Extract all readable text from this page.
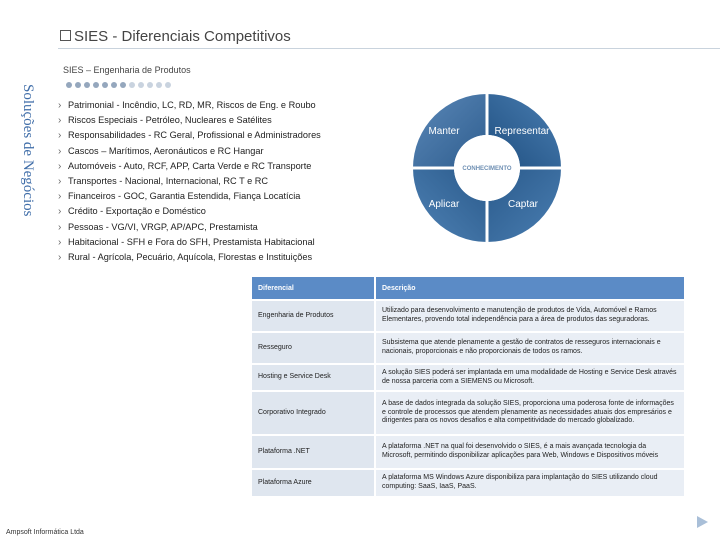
SIES - Diferenciais Competitivos
SIES – Engenharia de Produtos
Soluções de Negócios	› Patrimonial - Incêndio, LC, RD, MR, Riscos de Eng. e Roubo
› Riscos Especiais - Petróleo, Nucleares e Satélites
› Responsabilidades - RC Geral, Profissional e Administradores
› Cascos – Marítimos, Aeronáuticos e RC Hangar
› Automóveis - Auto, RCF, APP, Carta Verde e RC Transporte
› Transportes - Nacional, Internacional, RC T e RC
› Financeiros - GOC, Garantia Estendida, Fiança Locatícia
› Crédito - Exportação e Doméstico
› Pessoas - VG/VI, VRGP, AP/APC, Prestamista
› Habitacional - SFH e Fora do SFH, Prestamista Habitacional
› Rural - Agrícola, Pecuário, Aquícola, Florestas e Instituições
Manter	Representar
Aplicar	Captar
CONHECIMENTO
Diferencial	Descrição
Engenharia de Produtos	Utilizado para desenvolvimento e manutenção de produtos de Vida, Automóvel e Ramos Elementares, provendo total independência para a área de produtos das seguradoras.
Resseguro	Subsistema que atende plenamente a gestão de contratos de resseguros internacionais e nacionais, proporcionais e não proporcionais de todos os ramos.
Hosting e Service Desk	A solução SIES poderá ser implantada em uma modalidade de Hosting e Service Desk através de nossa parceria com a SIEMENS ou Microsoft.
Corporativo Integrado	A base de dados integrada da solução SIES, proporciona uma poderosa fonte de informações e controle de processos que atendem plenamente as necessidades atuais dos empresários e dirigentes para os novos desafios e alta competitividade do mercado globalizado.
Plataforma .NET	A plataforma .NET na qual foi desenvolvido o SIES, é a mais avançada tecnologia da Microsoft, permitindo disponibilizar aplicações para Web, Windows e Dispositivos móveis
Plataforma Azure	A plataforma MS Windows Azure disponibiliza para implantação do SIES utilizando cloud computing: SaaS, IaaS, PaaS.
Ampsoft Informática Ltda
